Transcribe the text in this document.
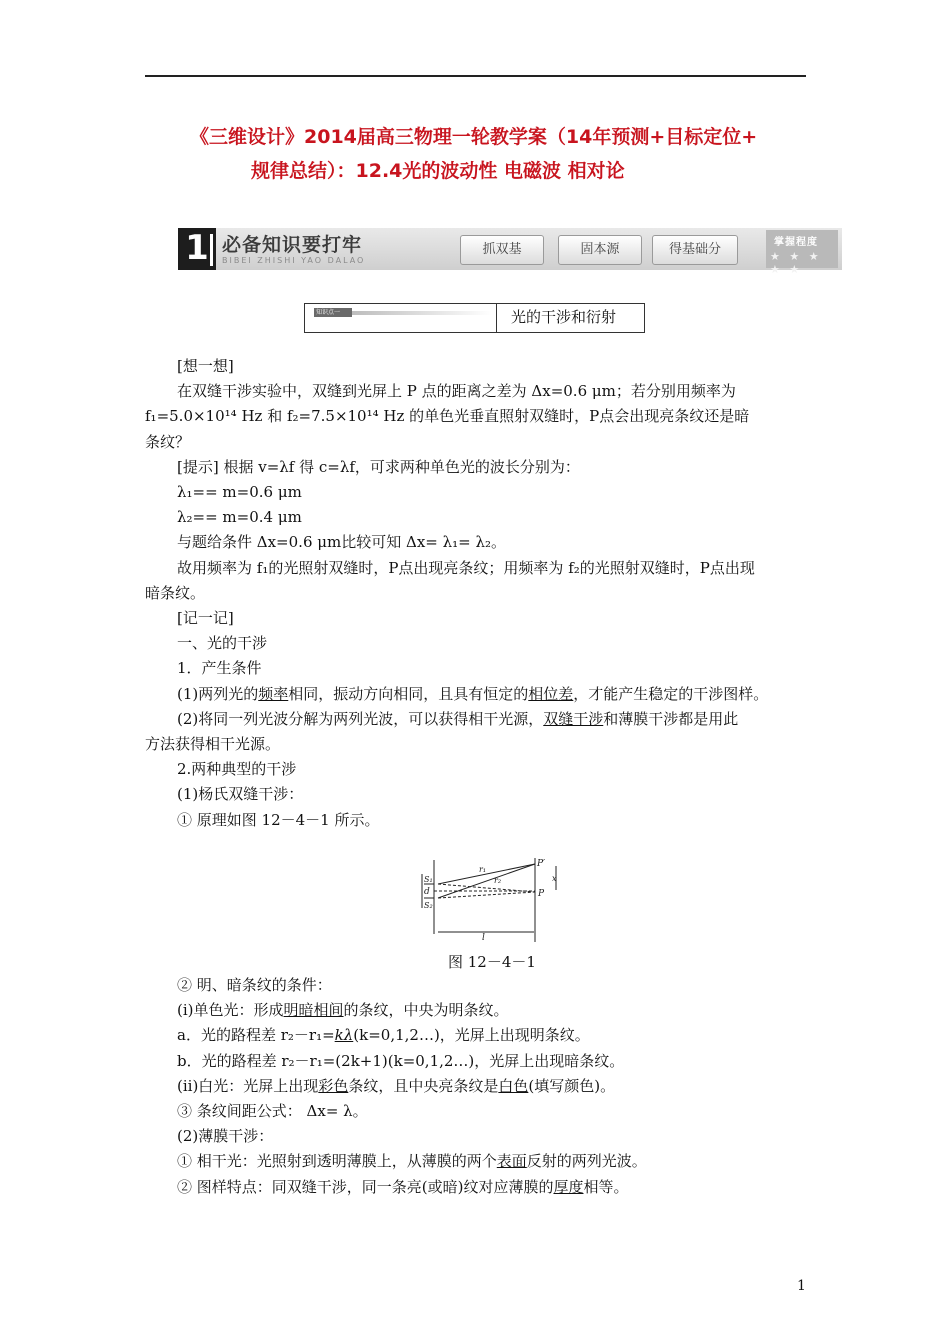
《三维设计》2014届高三物理一轮教学案（14年预测+目标定位+
规律总结）：12.4光的波动性 电磁波 相对论
1 必备知识要打牢
BIBEI ZHISHI YAO DALAO
抓双基	固本源	得基础分	掌握程度
★ ★ ★ ★ ★
知识点一	光的干涉和衍射

[想一想]

在双缝干涉实验中，双缝到光屏上 P 点的距离之差为 Δx=0.6 μm；若分别用频率为

f₁=5.0×10¹⁴ Hz 和 f₂=7.5×10¹⁴ Hz 的单色光垂直照射双缝时，P点会出现亮条纹还是暗

条纹？

[提示] 根据 v=λf 得 c=λf，可求两种单色光的波长分别为：

λ₁== m=0.6 μm

λ₂== m=0.4 μm

与题给条件 Δx=0.6 μm比较可知 Δx= λ₁= λ₂。

故用频率为 f₁的光照射双缝时，P点出现亮条纹；用频率为 f₂的光照射双缝时，P点出现

暗条纹。

[记一记]

一、光的干涉

1．产生条件

(1)两列光的频率相同，振动方向相同，且具有恒定的相位差，才能产生稳定的干涉图样。

(2)将同一列光波分解为两列光波，可以获得相干光源，双缝干涉和薄膜干涉都是用此

方法获得相干光源。

2.两种典型的干涉

(1)杨氏双缝干涉：

① 原理如图 12－4－1 所示。

P′
r₁
r₂	x
S₁
d
S₂
P
l
图 12－4－1

② 明、暗条纹的条件：

(ⅰ)单色光：形成明暗相间的条纹，中央为明条纹。

a．光的路程差 r₂－r₁=kλ(k=0,1,2…)，光屏上出现明条纹。

b．光的路程差 r₂－r₁=(2k+1)(k=0,1,2…)，光屏上出现暗条纹。

(ⅱ)白光：光屏上出现彩色条纹，且中央亮条纹是白色(填写颜色)。

③ 条纹间距公式： Δx= λ。

(2)薄膜干涉：

① 相干光：光照射到透明薄膜上，从薄膜的两个表面反射的两列光波。

② 图样特点：同双缝干涉，同一条亮(或暗)纹对应薄膜的厚度相等。

1
